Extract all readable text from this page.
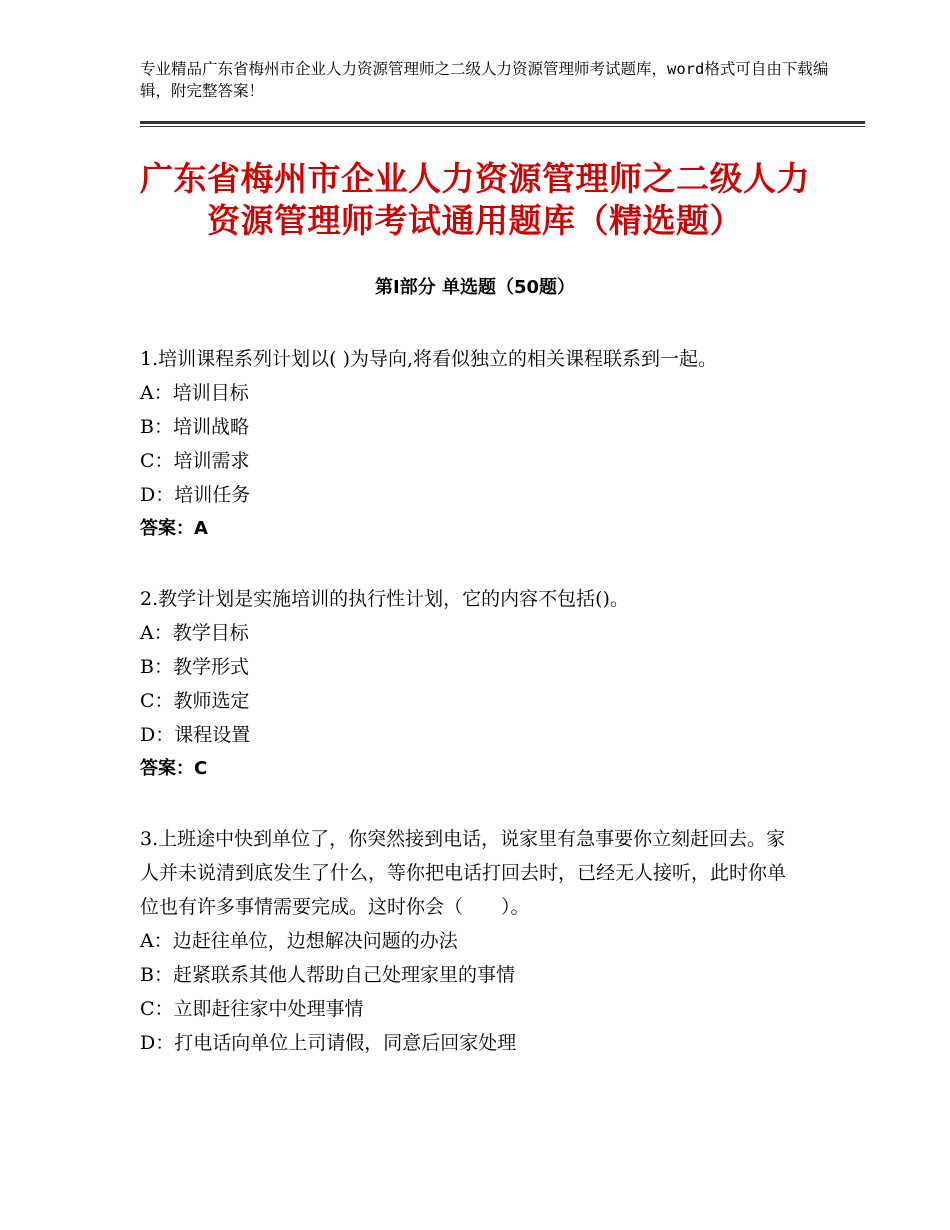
专业精品广东省梅州市企业人力资源管理师之二级人力资源管理师考试题库，word格式可自由下载编辑，附完整答案！
广东省梅州市企业人力资源管理师之二级人力资源管理师考试通用题库（精选题）
第Ⅰ部分 单选题（50题）

1.培训课程系列计划以( )为导向,将看似独立的相关课程联系到一起。

A：培训目标

B：培训战略

C：培训需求

D：培训任务

答案：A

2.教学计划是实施培训的执行性计划，它的内容不包括()。

A：教学目标

B：教学形式

C：教师选定

D：课程设置

答案：C

3.上班途中快到单位了，你突然接到电话，说家里有急事要你立刻赶回去。家人并未说清到底发生了什么，等你把电话打回去时，已经无人接听，此时你单位也有许多事情需要完成。这时你会（　　）。

A：边赶往单位，边想解决问题的办法

B：赶紧联系其他人帮助自己处理家里的事情

C：立即赶往家中处理事情

D：打电话向单位上司请假，同意后回家处理
